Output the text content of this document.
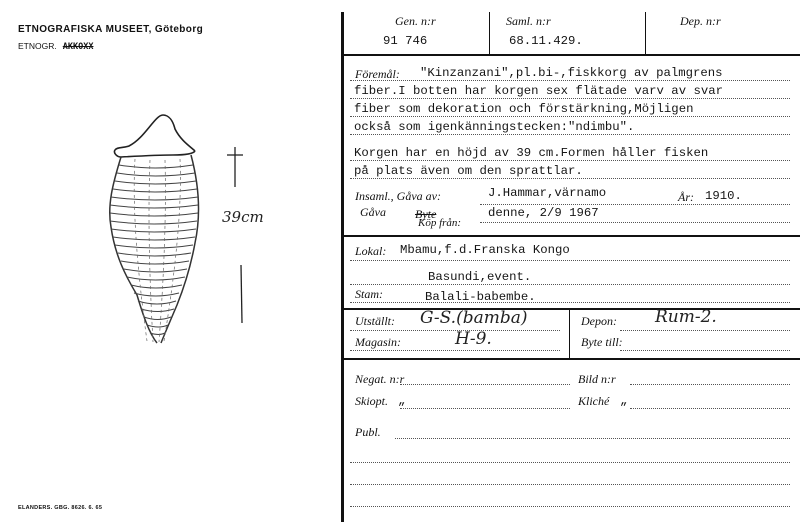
ETNOGRAFISKA MUSEET, Göteborg
ETNOGR. AKKOXX
39cm
ELANDERS. GBG. 8626. 6. 65
Gen. n:r
91 746
Saml. n:r
68.11.429.
Dep. n:r
Föremål: "Kinzanzani",pl.bi-,fiskkorg av palmgrens
fiber.I botten har korgen sex flätade varv av svar
fiber som dekoration och förstärkning,Möjligen
också som igenkänningstecken:"ndimbu".
Korgen har en höjd av 39 cm.Formen håller fisken
på plats även om den sprattlar.
Insaml., Gåva av:
Gåva Byte
Köp från:
J.Hammar,värnamo
denne, 2/9 1967
År: 1910.
Lokal: Mbamu,f.d.Franska Kongo
Basundi,event.
Stam:	Balali-babembe.
Utställt: G-S.(bamba)	Depon: Rum-2.
Magasin:	H-9.	Byte till:
Negat. n:r	Bild n:r
Skiopt. „	Kliché „
Publ.
